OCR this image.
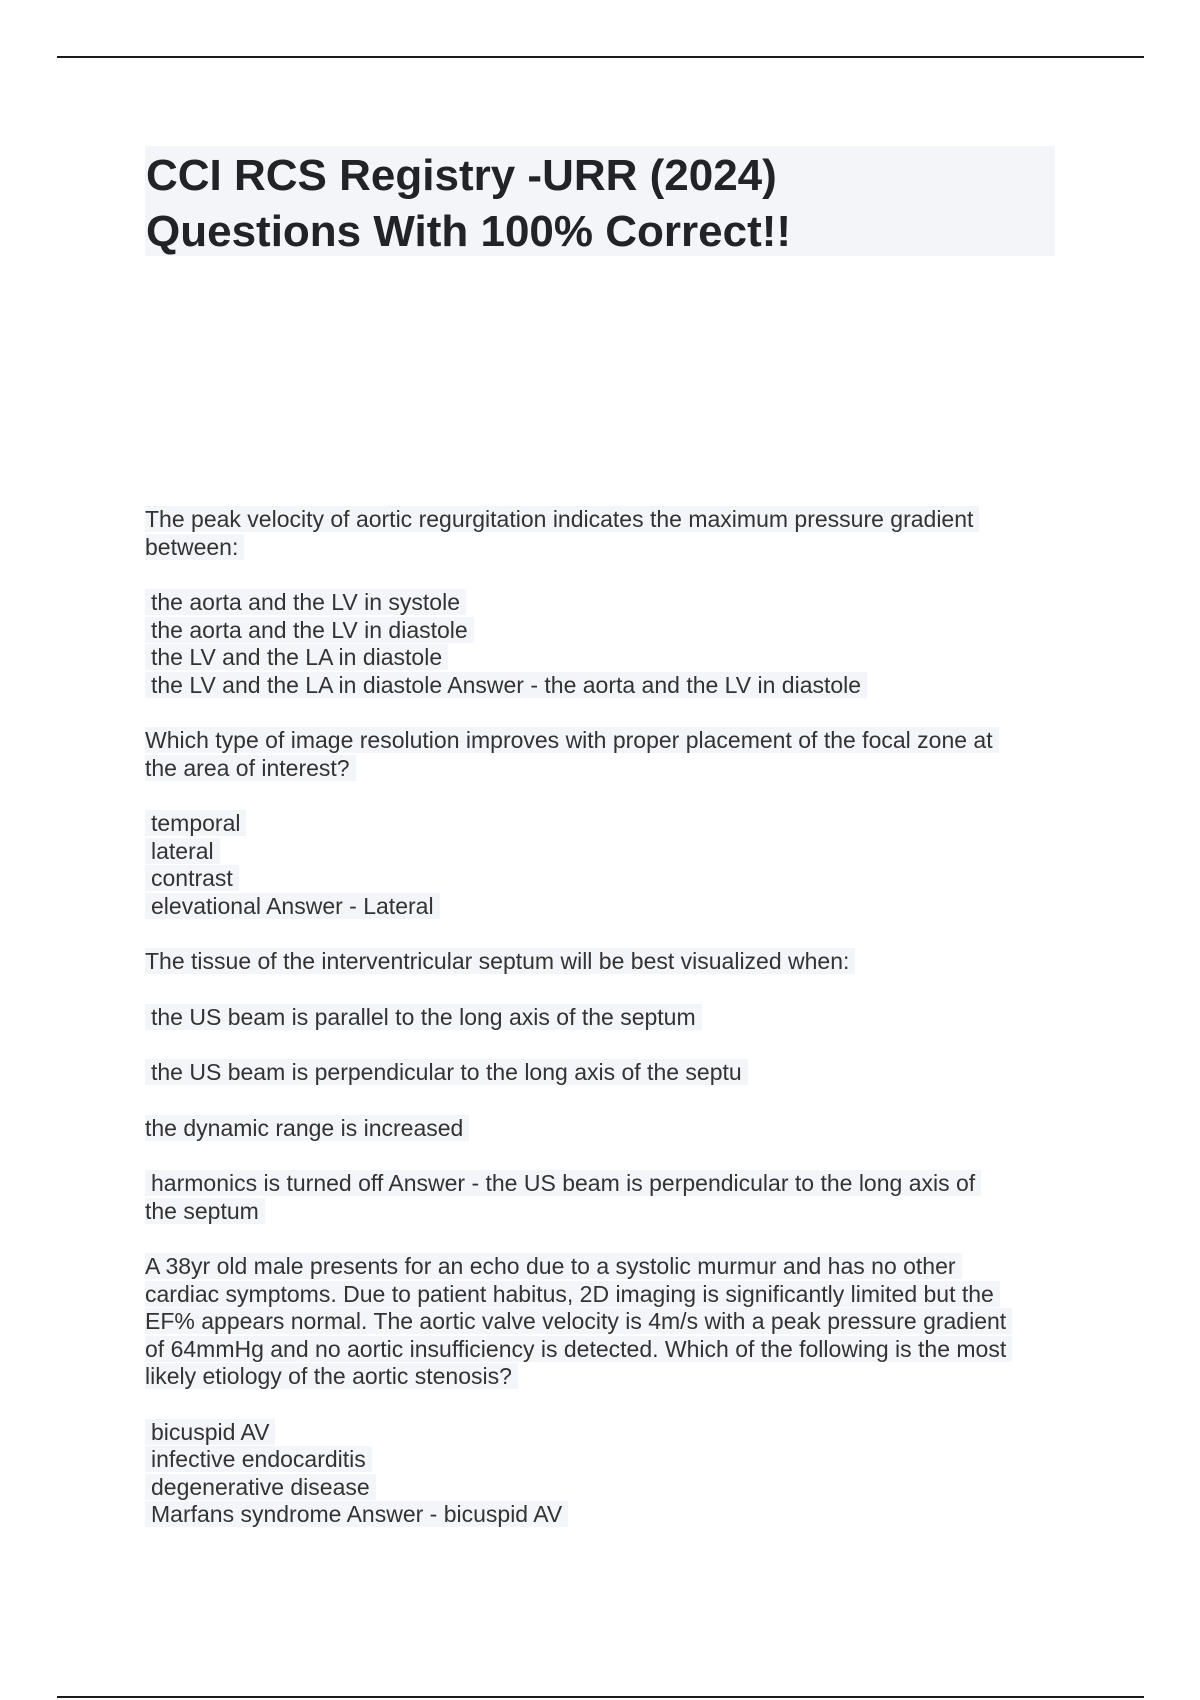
CCI RCS Registry -URR (2024)
Questions With 100% Correct!!
The peak velocity of aortic regurgitation indicates the maximum pressure gradient
between:
the aorta and the LV in systole
the aorta and the LV in diastole
the LV and the LA in diastole
the LV and the LA in diastole Answer - the aorta and the LV in diastole
Which type of image resolution improves with proper placement of the focal zone at
the area of interest?
temporal
lateral
contrast
elevational Answer - Lateral
The tissue of the interventricular septum will be best visualized when:
the US beam is parallel to the long axis of the septum
the US beam is perpendicular to the long axis of the septu
the dynamic range is increased
harmonics is turned off Answer - the US beam is perpendicular to the long axis of
the septum
A 38yr old male presents for an echo due to a systolic murmur and has no other
cardiac symptoms. Due to patient habitus, 2D imaging is significantly limited but the
EF% appears normal. The aortic valve velocity is 4m/s with a peak pressure gradient
of 64mmHg and no aortic insufficiency is detected. Which of the following is the most
likely etiology of the aortic stenosis?
bicuspid AV
infective endocarditis
degenerative disease
Marfans syndrome Answer - bicuspid AV
